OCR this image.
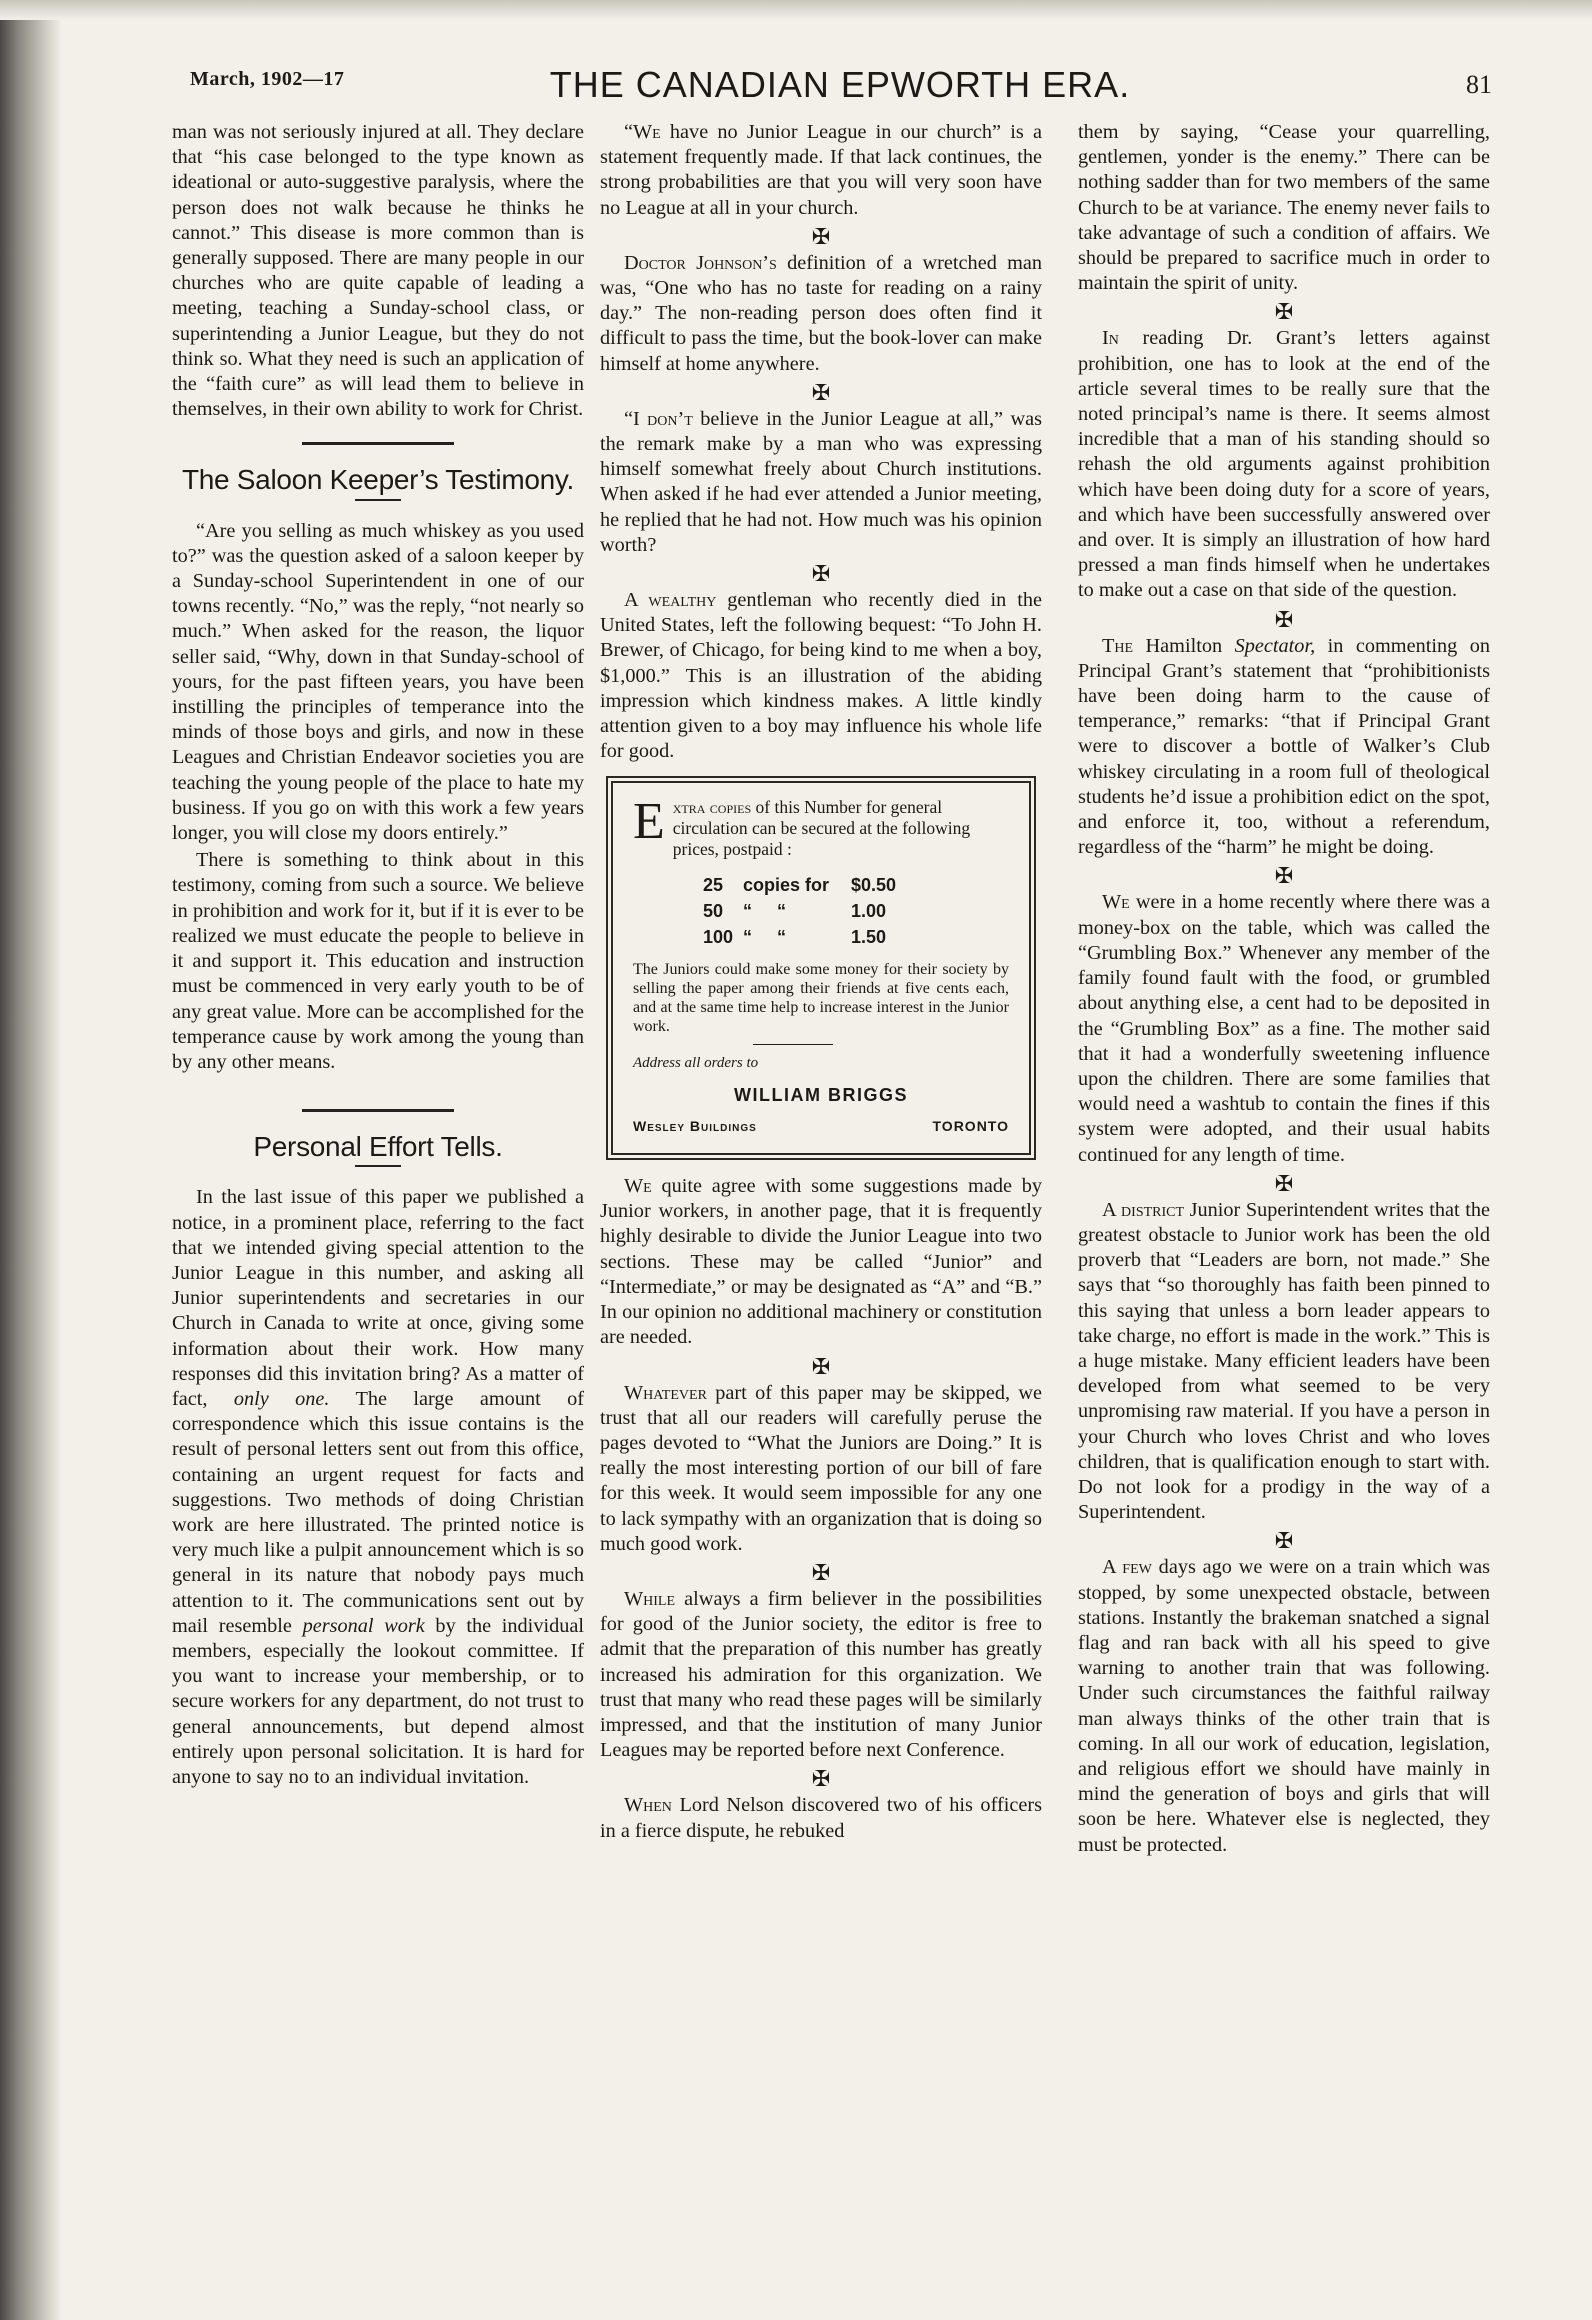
March, 1902—17	THE CANADIAN EPWORTH ERA.	81

man was not seriously injured at all. They declare that “his case belonged to the type known as ideational or auto-suggestive paralysis, where the person does not walk because he thinks he cannot.” This disease is more common than is generally supposed. There are many people in our churches who are quite capable of leading a meeting, teaching a Sunday-school class, or superintending a Junior League, but they do not think so. What they need is such an application of the “faith cure” as will lead them to believe in themselves, in their own ability to work for Christ.

The Saloon Keeper’s Testimony.

“Are you selling as much whiskey as you used to?” was the question asked of a saloon keeper by a Sunday-school Superintendent in one of our towns recently. “No,” was the reply, “not nearly so much.” When asked for the reason, the liquor seller said, “Why, down in that Sunday-school of yours, for the past fifteen years, you have been instilling the principles of temperance into the minds of those boys and girls, and now in these Leagues and Christian Endeavor societies you are teaching the young people of the place to hate my business. If you go on with this work a few years longer, you will close my doors entirely.”

There is something to think about in this testimony, coming from such a source. We believe in prohibition and work for it, but if it is ever to be realized we must educate the people to believe in it and support it. This education and instruction must be commenced in very early youth to be of any great value. More can be accomplished for the temperance cause by work among the young than by any other means.

Personal Effort Tells.

In the last issue of this paper we published a notice, in a prominent place, referring to the fact that we intended giving special attention to the Junior League in this number, and asking all Junior superintendents and secretaries in our Church in Canada to write at once, giving some information about their work. How many responses did this invitation bring? As a matter of fact, only one. The large amount of correspondence which this issue contains is the result of personal letters sent out from this office, containing an urgent request for facts and suggestions. Two methods of doing Christian work are here illustrated. The printed notice is very much like a pulpit announcement which is so general in its nature that nobody pays much attention to it. The communications sent out by mail resemble personal work by the individual members, especially the lookout committee. If you want to increase your membership, or to secure workers for any department, do not trust to general announcements, but depend almost entirely upon personal solicitation. It is hard for anyone to say no to an individual invitation.

“We have no Junior League in our church” is a statement frequently made. If that lack continues, the strong probabilities are that you will very soon have no League at all in your church.

✠

Doctor Johnson’s definition of a wretched man was, “One who has no taste for reading on a rainy day.” The non-reading person does often find it difficult to pass the time, but the book-lover can make himself at home anywhere.

✠

“I don’t believe in the Junior League at all,” was the remark make by a man who was expressing himself somewhat freely about Church institutions. When asked if he had ever attended a Junior meeting, he replied that he had not. How much was his opinion worth?

✠

A wealthy gentleman who recently died in the United States, left the following bequest: “To John H. Brewer, of Chicago, for being kind to me when a boy, $1,000.” This is an illustration of the abiding impression which kindness makes. A little kindly attention given to a boy may influence his whole life for good.

Extra copies of this Number for general circulation can be secured at the following prices, postpaid :
25 copies for $0.50
50 “     “	1.00
100 “     “	1.50
The Juniors could make some money for their society by selling the paper among their friends at five cents each, and at the same time help to increase interest in the Junior work.
Address all orders to
WILLIAM BRIGGS
Wesley Buildings	TORONTO

We quite agree with some suggestions made by Junior workers, in another page, that it is frequently highly desirable to divide the Junior League into two sections. These may be called “Junior” and “Intermediate,” or may be designated as “A” and “B.” In our opinion no additional machinery or constitution are needed.

✠

Whatever part of this paper may be skipped, we trust that all our readers will carefully peruse the pages devoted to “What the Juniors are Doing.” It is really the most interesting portion of our bill of fare for this week. It would seem impossible for any one to lack sympathy with an organization that is doing so much good work.

✠

While always a firm believer in the possibilities for good of the Junior society, the editor is free to admit that the preparation of this number has greatly increased his admiration for this organization. We trust that many who read these pages will be similarly impressed, and that the institution of many Junior Leagues may be reported before next Conference.

✠

When Lord Nelson discovered two of his officers in a fierce dispute, he rebuked

them by saying, “Cease your quarrelling, gentlemen, yonder is the enemy.” There can be nothing sadder than for two members of the same Church to be at variance. The enemy never fails to take advantage of such a condition of affairs. We should be prepared to sacrifice much in order to maintain the spirit of unity.

✠

In reading Dr. Grant’s letters against prohibition, one has to look at the end of the article several times to be really sure that the noted principal’s name is there. It seems almost incredible that a man of his standing should so rehash the old arguments against prohibition which have been doing duty for a score of years, and which have been successfully answered over and over. It is simply an illustration of how hard pressed a man finds himself when he undertakes to make out a case on that side of the question.

✠

The Hamilton Spectator, in commenting on Principal Grant’s statement that “prohibitionists have been doing harm to the cause of temperance,” remarks: “that if Principal Grant were to discover a bottle of Walker’s Club whiskey circulating in a room full of theological students he’d issue a prohibition edict on the spot, and enforce it, too, without a referendum, regardless of the “harm” he might be doing.

✠

We were in a home recently where there was a money-box on the table, which was called the “Grumbling Box.” Whenever any member of the family found fault with the food, or grumbled about anything else, a cent had to be deposited in the “Grumbling Box” as a fine. The mother said that it had a wonderfully sweetening influence upon the children. There are some families that would need a washtub to contain the fines if this system were adopted, and their usual habits continued for any length of time.

✠

A district Junior Superintendent writes that the greatest obstacle to Junior work has been the old proverb that “Leaders are born, not made.” She says that “so thoroughly has faith been pinned to this saying that unless a born leader appears to take charge, no effort is made in the work.” This is a huge mistake. Many efficient leaders have been developed from what seemed to be very unpromising raw material. If you have a person in your Church who loves Christ and who loves children, that is qualification enough to start with. Do not look for a prodigy in the way of a Superintendent.

✠

A few days ago we were on a train which was stopped, by some unexpected obstacle, between stations. Instantly the brakeman snatched a signal flag and ran back with all his speed to give warning to another train that was following. Under such circumstances the faithful railway man always thinks of the other train that is coming. In all our work of education, legislation, and religious effort we should have mainly in mind the generation of boys and girls that will soon be here. Whatever else is neglected, they must be protected.
